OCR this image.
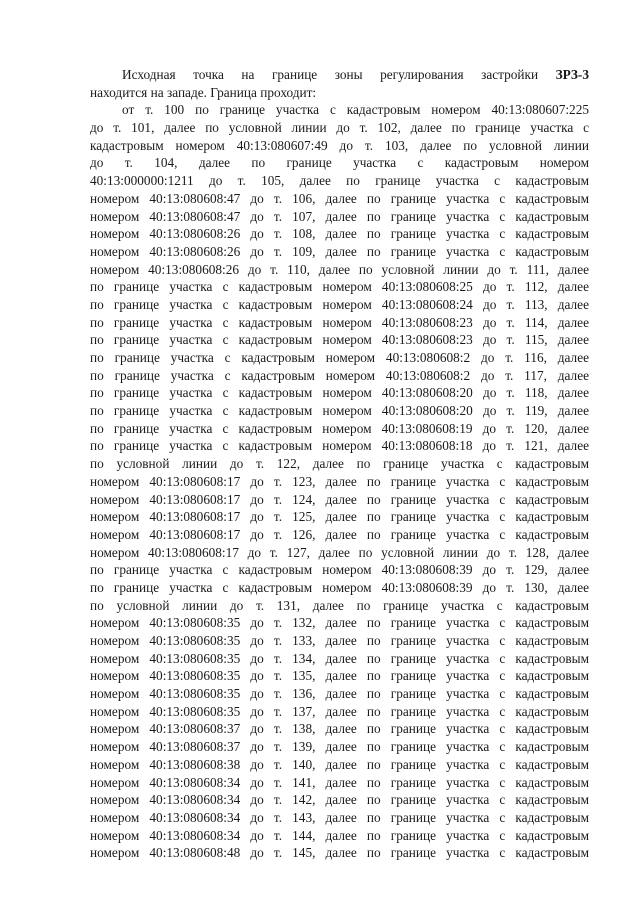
Исходная точка на границе зоны регулирования застройки ЗРЗ-3
находится на западе. Граница проходит:
от т. 100 по границе участка с кадастровым номером 40:13:080607:225
до т. 101, далее по условной линии до т. 102, далее по границе участка с
кадастровым номером 40:13:080607:49 до т. 103, далее по условной линии
до т. 104, далее по границе участка с кадастровым номером
40:13:000000:1211 до т. 105, далее по границе участка с кадастровым
номером 40:13:080608:47 до т. 106, далее по границе участка с кадастровым
номером 40:13:080608:47 до т. 107, далее по границе участка с кадастровым
номером 40:13:080608:26 до т. 108, далее по границе участка с кадастровым
номером 40:13:080608:26 до т. 109, далее по границе участка с кадастровым
номером 40:13:080608:26 до т. 110, далее по условной линии до т. 111, далее
по границе участка с кадастровым номером 40:13:080608:25 до т. 112, далее
по границе участка с кадастровым номером 40:13:080608:24 до т. 113, далее
по границе участка с кадастровым номером 40:13:080608:23 до т. 114, далее
по границе участка с кадастровым номером 40:13:080608:23 до т. 115, далее
по границе участка с кадастровым номером 40:13:080608:2 до т. 116, далее
по границе участка с кадастровым номером 40:13:080608:2 до т. 117, далее
по границе участка с кадастровым номером 40:13:080608:20 до т. 118, далее
по границе участка с кадастровым номером 40:13:080608:20 до т. 119, далее
по границе участка с кадастровым номером 40:13:080608:19 до т. 120, далее
по границе участка с кадастровым номером 40:13:080608:18 до т. 121, далее
по условной линии до т. 122, далее по границе участка с кадастровым
номером 40:13:080608:17 до т. 123, далее по границе участка с кадастровым
номером 40:13:080608:17 до т. 124, далее по границе участка с кадастровым
номером 40:13:080608:17 до т. 125, далее по границе участка с кадастровым
номером 40:13:080608:17 до т. 126, далее по границе участка с кадастровым
номером 40:13:080608:17 до т. 127, далее по условной линии до т. 128, далее
по границе участка с кадастровым номером 40:13:080608:39 до т. 129, далее
по границе участка с кадастровым номером 40:13:080608:39 до т. 130, далее
по условной линии до т. 131, далее по границе участка с кадастровым
номером 40:13:080608:35 до т. 132, далее по границе участка с кадастровым
номером 40:13:080608:35 до т. 133, далее по границе участка с кадастровым
номером 40:13:080608:35 до т. 134, далее по границе участка с кадастровым
номером 40:13:080608:35 до т. 135, далее по границе участка с кадастровым
номером 40:13:080608:35 до т. 136, далее по границе участка с кадастровым
номером 40:13:080608:35 до т. 137, далее по границе участка с кадастровым
номером 40:13:080608:37 до т. 138, далее по границе участка с кадастровым
номером 40:13:080608:37 до т. 139, далее по границе участка с кадастровым
номером 40:13:080608:38 до т. 140, далее по границе участка с кадастровым
номером 40:13:080608:34 до т. 141, далее по границе участка с кадастровым
номером 40:13:080608:34 до т. 142, далее по границе участка с кадастровым
номером 40:13:080608:34 до т. 143, далее по границе участка с кадастровым
номером 40:13:080608:34 до т. 144, далее по границе участка с кадастровым
номером 40:13:080608:48 до т. 145, далее по границе участка с кадастровым
